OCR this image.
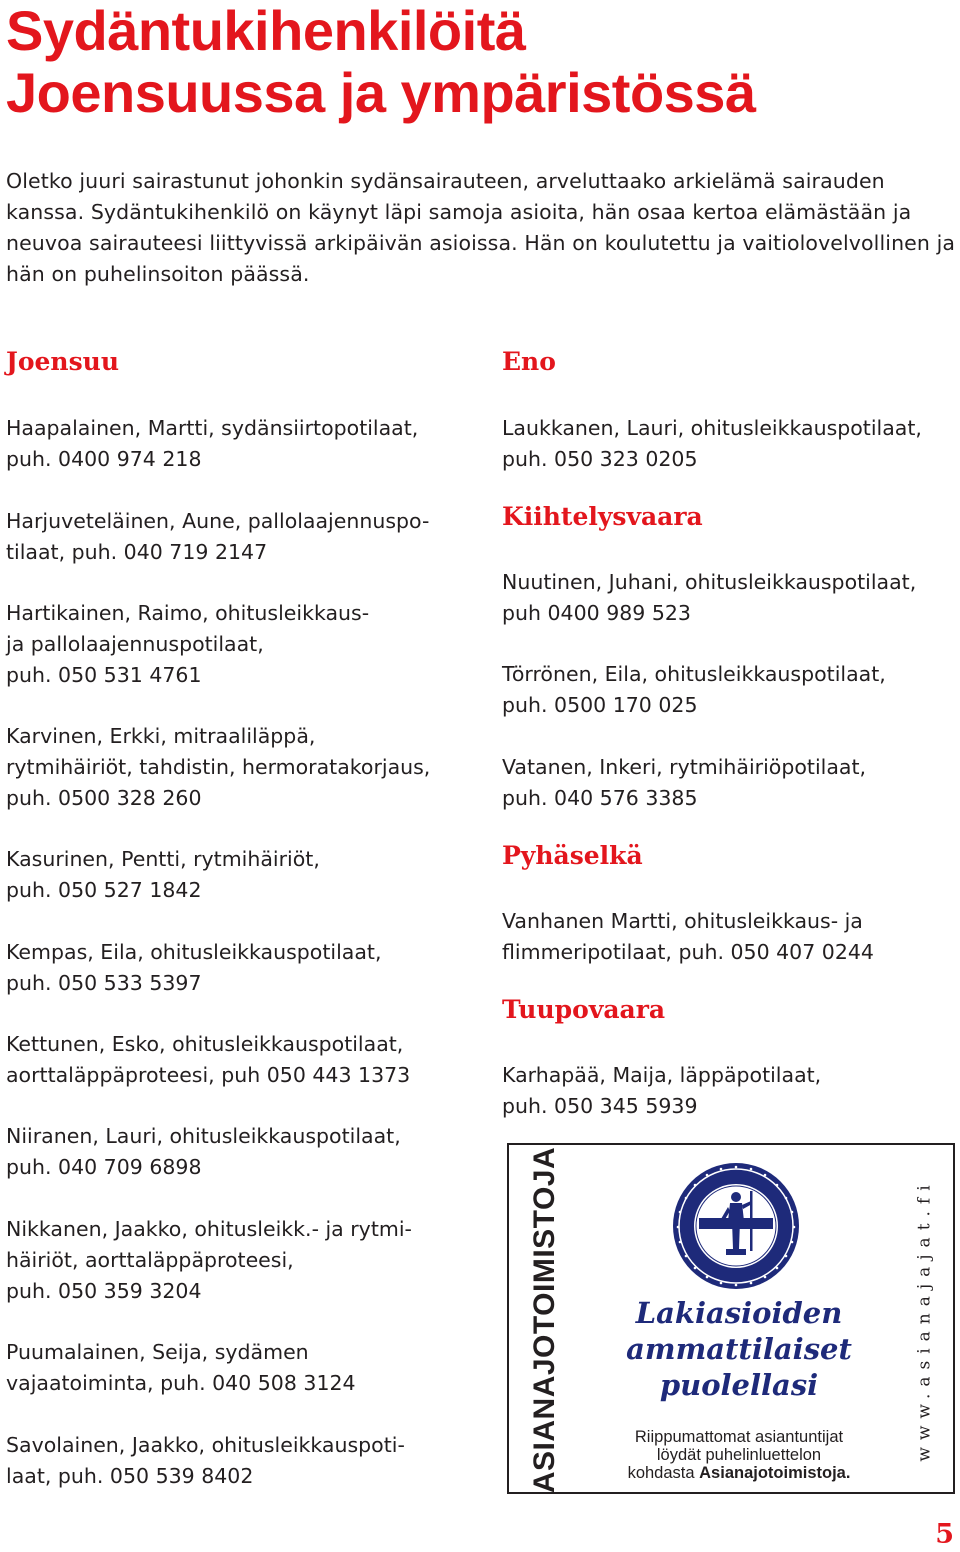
Sydäntukihenkilöitä
Joensuussa ja ympäristössä

Oletko juuri sairastunut johonkin sydänsairauteen, arveluttaako arkielämä sairauden kanssa. Sydäntukihenkilö on käynyt läpi samoja asioita, hän osaa kertoa elämästään ja neuvoa sairauteesi liittyvissä arkipäivän asioissa. Hän on koulutettu ja vaitiolovelvollinen ja hän on puhelinsoiton päässä.

Joensuu
Haapalainen, Martti, sydänsiirtopotilaat,
puh. 0400 974 218
Harjuveteläinen, Aune, pallolaajennuspo-
tilaat, puh. 040 719 2147
Hartikainen, Raimo, ohitusleikkaus-
ja pallolaajennuspotilaat,
puh. 050 531 4761
Karvinen, Erkki, mitraaliläppä,
rytmihäiriöt, tahdistin, hermoratakorjaus,
puh. 0500 328 260
Kasurinen, Pentti, rytmihäiriöt,
puh. 050 527 1842
Kempas, Eila, ohitusleikkauspotilaat,
puh. 050 533 5397
Kettunen, Esko, ohitusleikkauspotilaat,
aorttaläppäproteesi, puh 050 443 1373
Niiranen, Lauri, ohitusleikkauspotilaat,
puh. 040 709 6898
Nikkanen, Jaakko, ohitusleikk.- ja rytmi-
häiriöt, aorttaläppäproteesi,
puh. 050 359 3204
Puumalainen, Seija, sydämen
vajaatoiminta, puh. 040 508 3124
Savolainen, Jaakko, ohitusleikkauspoti-
laat, puh. 050 539 8402
Eno
Laukkanen, Lauri, ohitusleikkauspotilaat,
puh. 050 323 0205
Kiihtelysvaara
Nuutinen, Juhani, ohitusleikkauspotilaat,
puh 0400 989 523
Törrönen, Eila, ohitusleikkauspotilaat,
puh. 0500 170 025
Vatanen, Inkeri, rytmihäiriöpotilaat,
puh. 040 576 3385
Pyhäselkä
Vanhanen Martti, ohitusleikkaus- ja
flimmeripotilaat, puh. 050 407 0244
Tuupovaara
Karhapää, Maija, läppäpotilaat,
puh. 050 345 5939
ASIANAJOTOIMISTOJA	Lakiasioiden
ammattilaiset
puolellasi

Riippumattomat asiantuntijat
löydät puhelinluettelon
kohdasta Asianajotoimistoja.

www.asianajajat.fi

5
